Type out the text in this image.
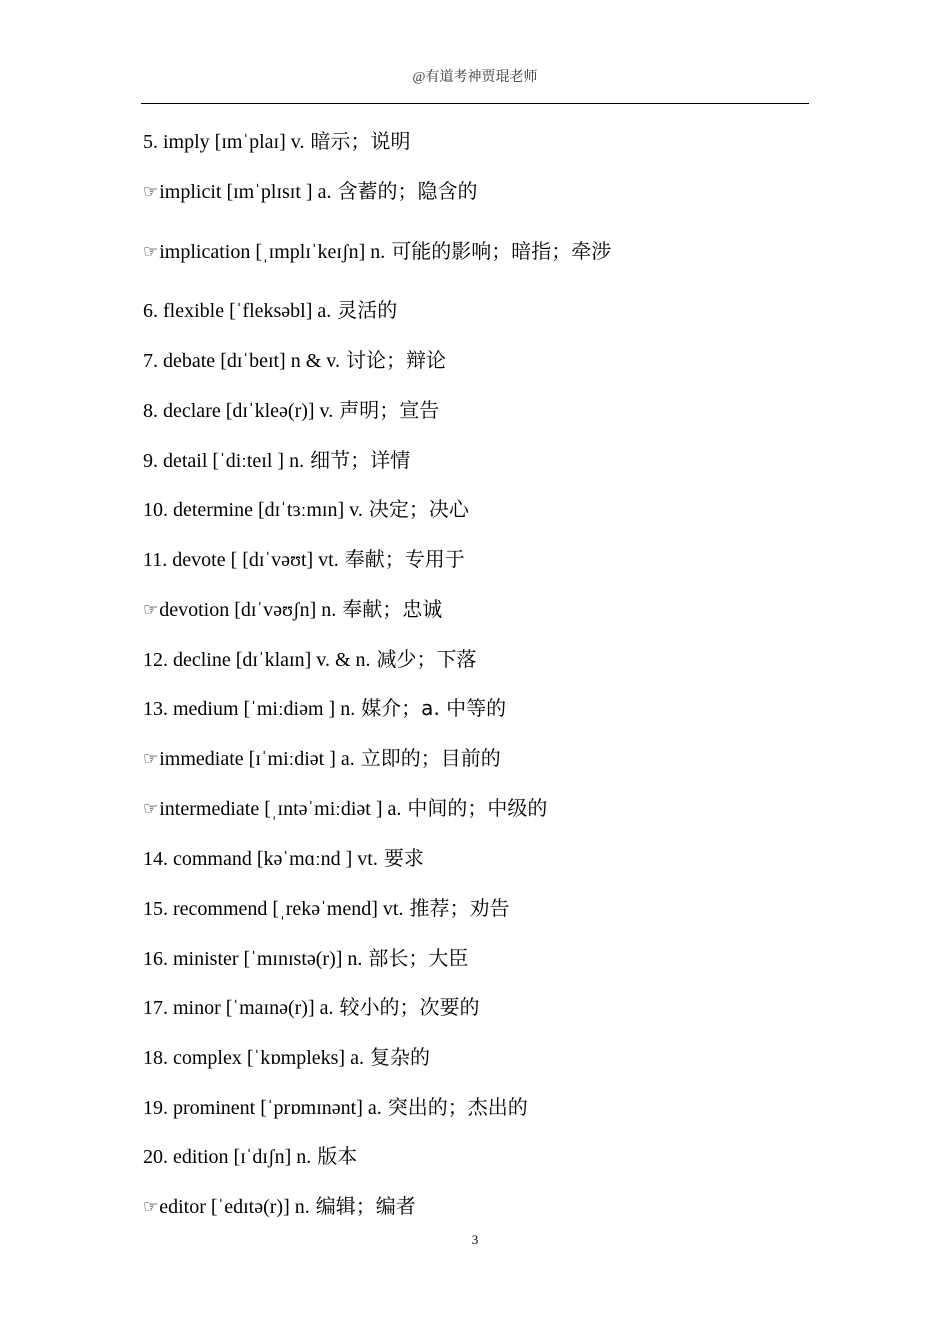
@有道考神贾琨老师
5. imply [ɪmˈplaɪ] v. 暗示；说明
☞implicit [ɪmˈplɪsɪt ] a. 含蓄的；隐含的
☞implication [ˌɪmplɪˈkeɪʃn] n. 可能的影响；暗指；牵涉
6. flexible [ˈfleksəbl] a. 灵活的
7. debate [dɪˈbeɪt] n & v. 讨论；辩论
8. declare [dɪˈkleə(r)] v. 声明；宣告
9. detail [ˈdiːteɪl ] n. 细节；详情
10. determine [dɪˈtɜːmɪn] v. 决定；决心
11. devote [ [dɪˈvəʊt] vt. 奉献；专用于
☞devotion [dɪˈvəʊʃn] n. 奉献；忠诚
12. decline [dɪˈklaɪn] v. & n. 减少；下落
13. medium [ˈmiːdiəm ] n. 媒介；a. 中等的
☞immediate [ɪˈmiːdiət ] a. 立即的；目前的
☞intermediate [ˌɪntəˈmiːdiət ] a. 中间的；中级的
14. command [kəˈmɑːnd ] vt. 要求
15. recommend [ˌrekəˈmend] vt. 推荐；劝告
16. minister [ˈmɪnɪstə(r)] n. 部长；大臣
17. minor [ˈmaɪnə(r)] a. 较小的；次要的
18. complex [ˈkɒmpleks] a. 复杂的
19. prominent [ˈprɒmɪnənt] a. 突出的；杰出的
20. edition [ɪˈdɪʃn] n. 版本
☞editor [ˈedɪtə(r)] n. 编辑；编者
3
